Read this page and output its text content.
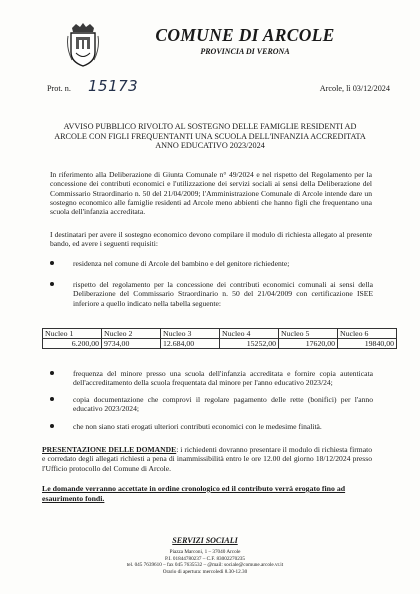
COMUNE DI ARCOLE
PROVINCIA DI VERONA
Prot. n. 15173	Arcole, lì 03/12/2024
AVVISO PUBBLICO RIVOLTO AL SOSTEGNO DELLE FAMIGLIE RESIDENTI AD
ARCOLE CON FIGLI FREQUENTANTI UNA SCUOLA DELL'INFANZIA ACCREDITATA
ANNO EDUCATIVO 2023/2024
In riferimento alla Deliberazione di Giunta Comunale n° 49/2024 e nel rispetto del Regolamento per la concessione dei contributi economici e l'utilizzazione dei servizi sociali ai sensi della Deliberazione del Commissario Straordinario n. 50 del 21/04/2009; l'Amministrazione Comunale di Arcole intende dare un sostegno economico alle famiglie residenti ad Arcole meno abbienti che hanno figli che frequentano una scuola dell'infanzia accreditata.
I destinatari per avere il sostegno economico devono compilare il modulo di richiesta allegato al presente bando, ed avere i seguenti requisiti:
residenza nel comune di Arcole del bambino e del genitore richiedente;
rispetto del regolamento per la concessione dei contributi economici comunali ai sensi della Deliberazione del Commissario Straordinario n. 50 del 21/04/2009 con certificazione ISEE inferiore a quello indicato nella tabella seguente:
Nucleo 1	Nucleo 2	Nucleo 3	Nucleo 4	Nucleo 5	Nucleo 6
6.200,00	9734,00	12.684,00	15252,00	17620,00	19840,00
frequenza del minore presso una scuola dell'infanzia accreditata e fornire copia autenticata dell'accreditamento della scuola frequentata dal minore per l'anno educativo 2023/24;
copia documentazione che comprovi il regolare pagamento delle rette (bonifici) per l'anno educativo 2023/2024;
che non siano stati erogati ulteriori contributi economici con le medesime finalità.
PRESENTAZIONE DELLE DOMANDE: i richiedenti dovranno presentare il modulo di richiesta firmato e corredato degli allegati richiesti a pena di inammissibilità entro le ore 12.00 del giorno 18/12/2024 presso l'Ufficio protocollo del Comune di Arcole.
Le domande verranno accettate in ordine cronologico ed il contributo verrà erogato fino ad esaurimento fondi.
SERVIZI SOCIALI
Piazza Marconi, 1 – 37040 Arcole
P.I. 01844780237 – C.F. 83002270235
tel. 045 7639610 – fax 045 7635532 – @mail: sociale@comune.arcole.vr.it
Orario di apertura: mercoledì 8.30-12.30
